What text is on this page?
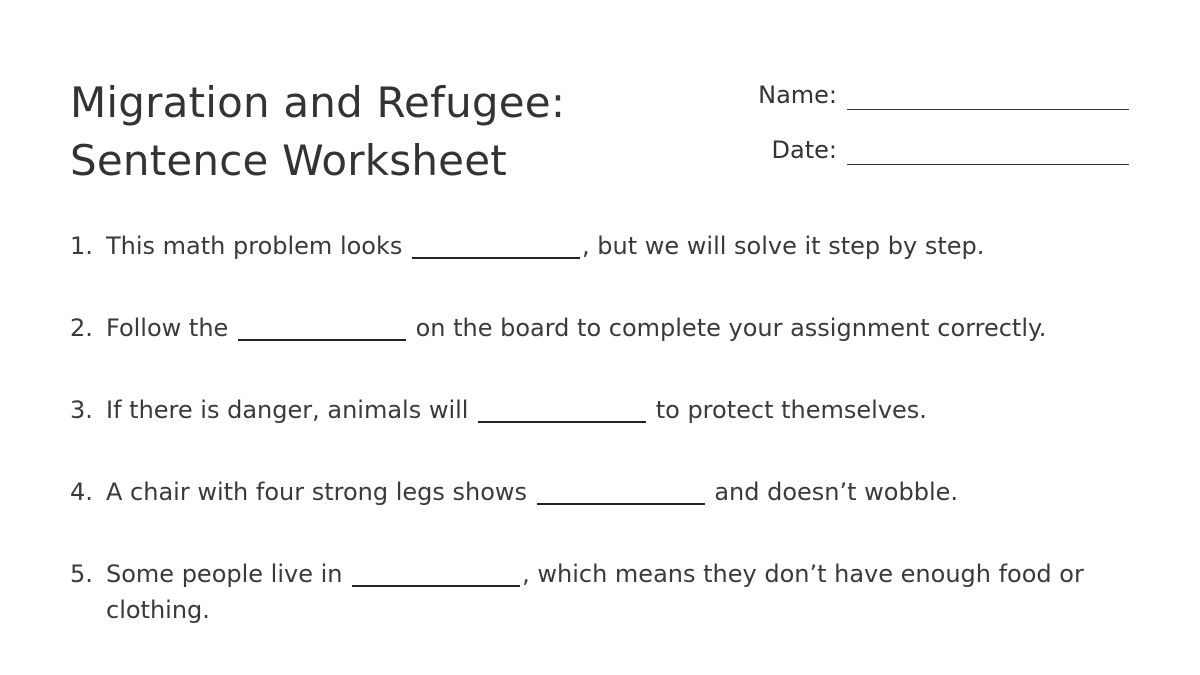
Migration and Refugee:
Sentence Worksheet
Name:
Date:
1. This math problem looks	, but we will solve it step by step.
2. Follow the	on the board to complete your assignment correctly.
3. If there is danger, animals will	to protect themselves.
4. A chair with four strong legs shows	and doesn’t wobble.
5. Some people live in	, which means they don’t have enough food or clothing.
